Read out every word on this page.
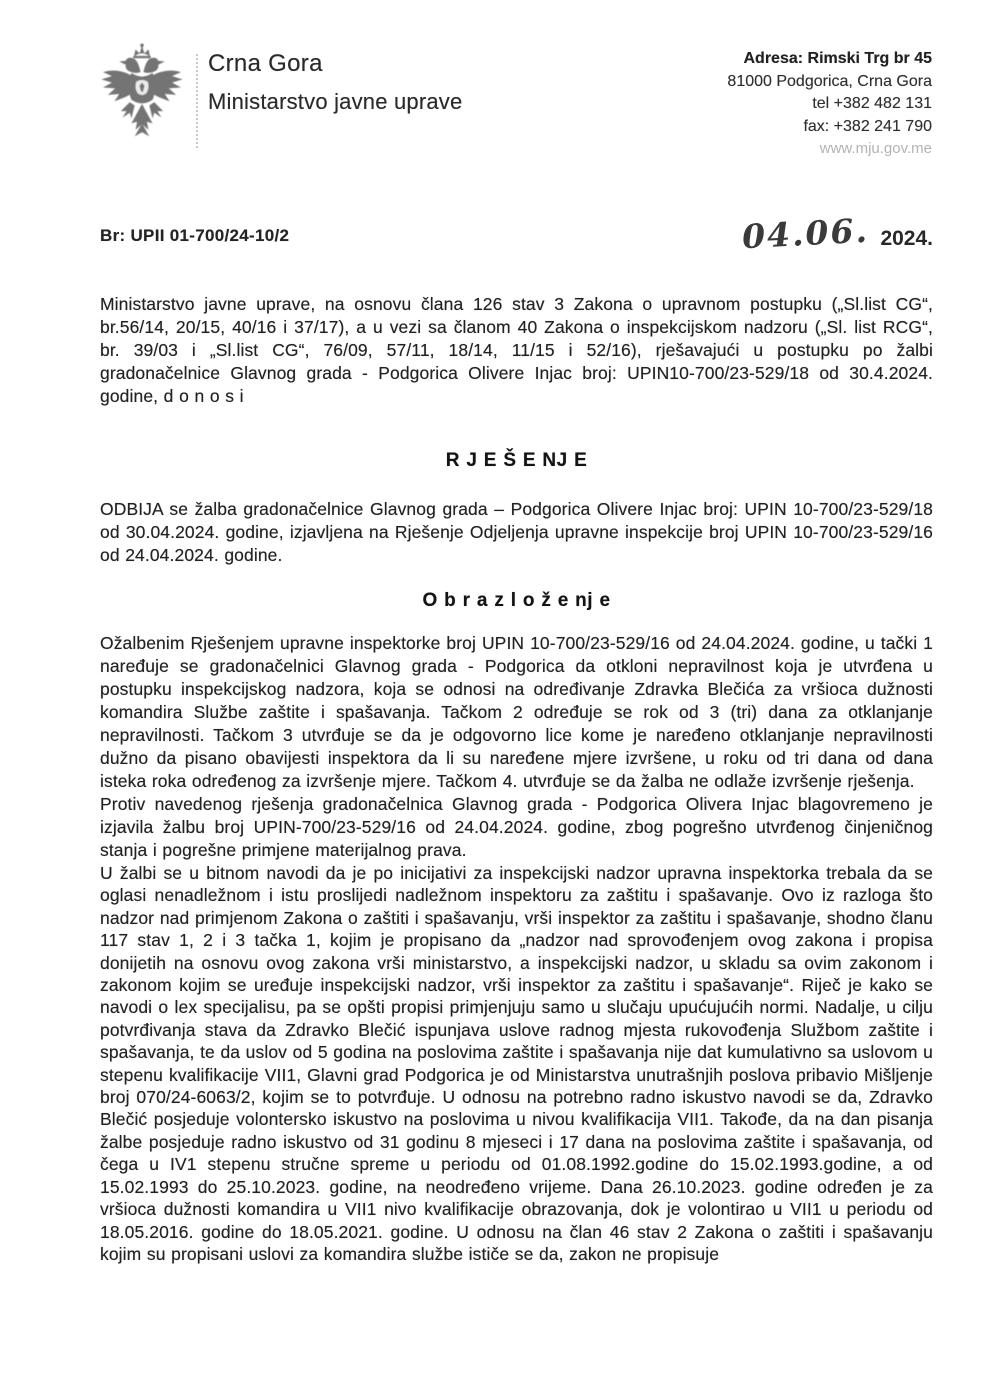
Crna Gora
Ministarstvo javne uprave
Adresa: Rimski Trg br 45
81000 Podgorica, Crna Gora
tel +382 482 131
fax: +382 241 790
www.mju.gov.me
Br: UPII 01-700/24-10/2	04.06. 2024.

Ministarstvo javne uprave, na osnovu člana 126 stav 3 Zakona o upravnom postupku („Sl.list CG“, br.56/14, 20/15, 40/16 i 37/17), a u vezi sa članom 40 Zakona o inspekcijskom nadzoru („Sl. list RCG“, br. 39/03 i „Sl.list CG“, 76/09, 57/11, 18/14, 11/15 i 52/16), rješavajući u postupku po žalbi gradonačelnice Glavnog grada - Podgorica Olivere Injac broj: UPIN10-700/23-529/18 od 30.4.2024. godine, d o n o s i

R J E Š E NJ E

ODBIJA se žalba gradonačelnice Glavnog grada – Podgorica Olivere Injac broj: UPIN 10-700/23-529/18 od 30.04.2024. godine, izjavljena na Rješenje Odjeljenja upravne inspekcije broj UPIN 10-700/23-529/16 od 24.04.2024. godine.

O b r a z l o ž e nj e

Ožalbenim Rješenjem upravne inspektorke broj UPIN 10-700/23-529/16 od 24.04.2024. godine, u tački 1 naređuje se gradonačelnici Glavnog grada - Podgorica da otkloni nepravilnost koja je utvrđena u postupku inspekcijskog nadzora, koja se odnosi na određivanje Zdravka Blečića za vršioca dužnosti komandira Službe zaštite i spašavanja. Tačkom 2 određuje se rok od 3 (tri) dana za otklanjanje nepravilnosti. Tačkom 3 utvrđuje se da je odgovorno lice kome je naređeno otklanjanje nepravilnosti dužno da pisano obavijesti inspektora da li su naređene mjere izvršene, u roku od tri dana od dana isteka roka određenog za izvršenje mjere. Tačkom 4. utvrđuje se da žalba ne odlaže izvršenje rješenja.

Protiv navedenog rješenja gradonačelnica Glavnog grada - Podgorica Olivera Injac blagovremeno je izjavila žalbu broj UPIN-700/23-529/16 od 24.04.2024. godine, zbog pogrešno utvrđenog činjeničnog stanja i pogrešne primjene materijalnog prava.

U žalbi se u bitnom navodi da je po inicijativi za inspekcijski nadzor upravna inspektorka trebala da se oglasi nenadležnom i istu proslijedi nadležnom inspektoru za zaštitu i spašavanje. Ovo iz razloga što nadzor nad primjenom Zakona o zaštiti i spašavanju, vrši inspektor za zaštitu i spašavanje, shodno članu 117 stav 1, 2 i 3 tačka 1, kojim je propisano da „nadzor nad sprovođenjem ovog zakona i propisa donijetih na osnovu ovog zakona vrši ministarstvo, a inspekcijski nadzor, u skladu sa ovim zakonom i zakonom kojim se uređuje inspekcijski nadzor, vrši inspektor za zaštitu i spašavanje“. Riječ je kako se navodi o lex specijalisu, pa se opšti propisi primjenjuju samo u slučaju upućujućih normi. Nadalje, u cilju potvrđivanja stava da Zdravko Blečić ispunjava uslove radnog mjesta rukovođenja Službom zaštite i spašavanja, te da uslov od 5 godina na poslovima zaštite i spašavanja nije dat kumulativno sa uslovom u stepenu kvalifikacije VII1, Glavni grad Podgorica je od Ministarstva unutrašnjih poslova pribavio Mišljenje broj 070/24-6063/2, kojim se to potvrđuje. U odnosu na potrebno radno iskustvo navodi se da, Zdravko Blečić posjeduje volontersko iskustvo na poslovima u nivou kvalifikacija VII1. Takođe, da na dan pisanja žalbe posjeduje radno iskustvo od 31 godinu 8 mjeseci i 17 dana na poslovima zaštite i spašavanja, od čega u IV1 stepenu stručne spreme u periodu od 01.08.1992.godine do 15.02.1993.godine, a od 15.02.1993 do 25.10.2023. godine, na neodređeno vrijeme. Dana 26.10.2023. godine određen je za vršioca dužnosti komandira u VII1 nivo kvalifikacije obrazovanja, dok je volontirao u VII1 u periodu od 18.05.2016. godine do 18.05.2021. godine. U odnosu na član 46 stav 2 Zakona o zaštiti i spašavanju kojim su propisani uslovi za komandira službe ističe se da, zakon ne propisuje
